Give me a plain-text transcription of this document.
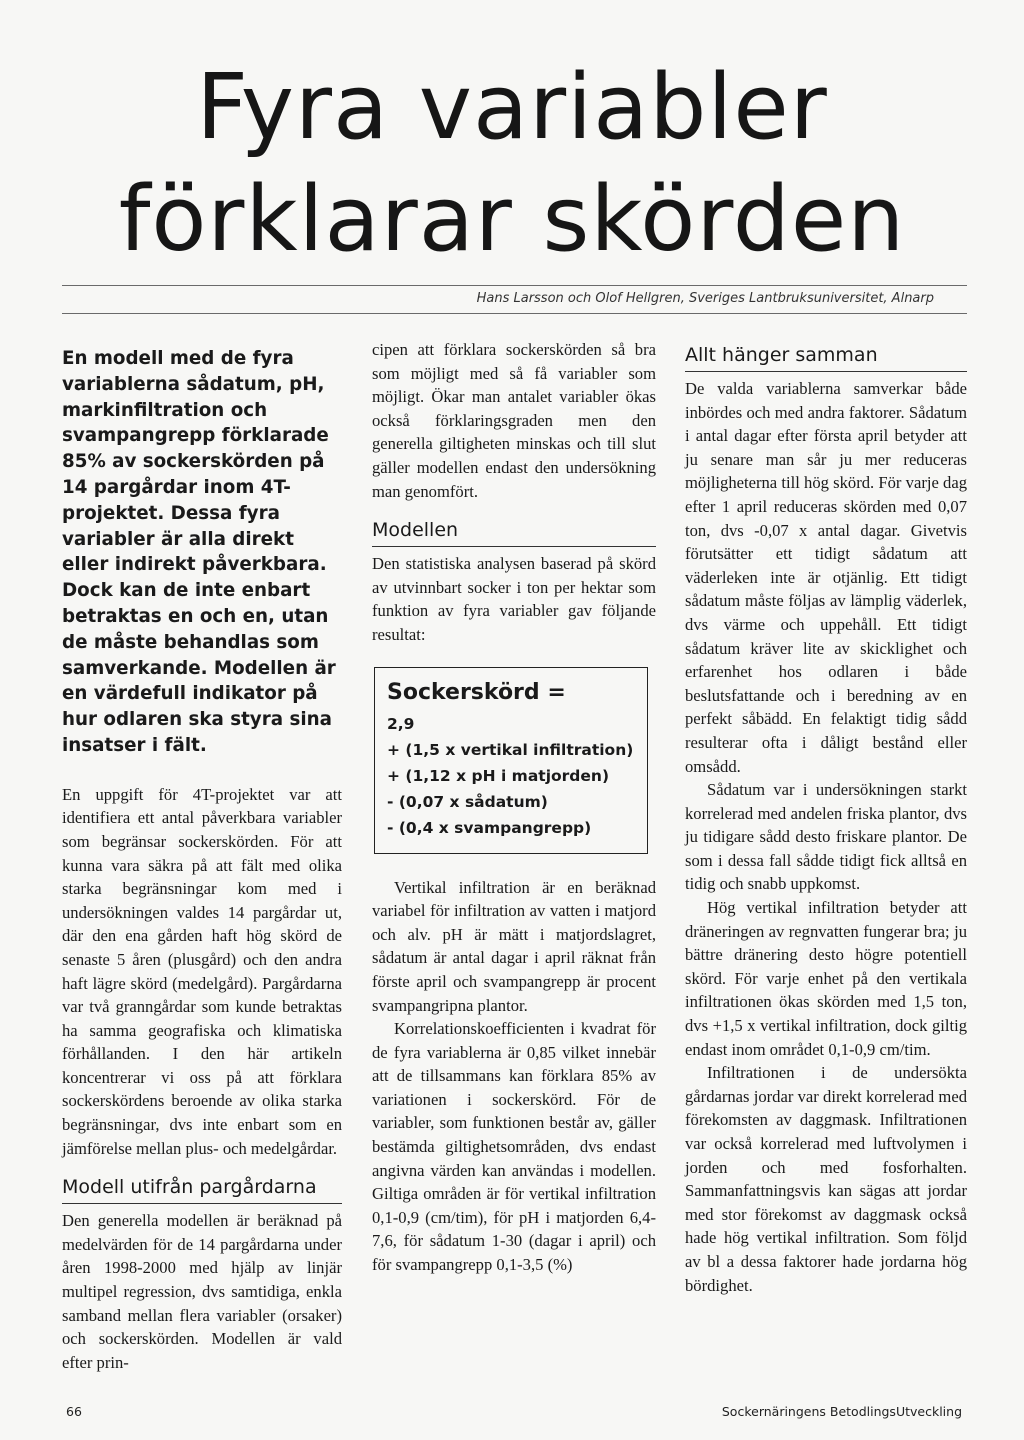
Fyra variabler
förklarar skörden
Hans Larsson och Olof Hellgren, Sveriges Lantbruksuniversitet, Alnarp

En modell med de fyra variablerna sådatum, pH, markinfiltration och svampangrepp förklarade 85% av sockerskörden på 14 pargårdar inom 4T-projektet. Dessa fyra variabler är alla direkt eller indirekt påverkbara. Dock kan de inte enbart betraktas en och en, utan de måste behandlas som samverkande. Modellen är en värdefull indikator på hur odlaren ska styra sina insatser i fält.

En uppgift för 4T-projektet var att identifiera ett antal påverkbara variabler som begränsar sockerskörden. För att kunna vara säkra på att fält med olika starka begränsningar kom med i undersökningen valdes 14 pargårdar ut, där den ena gården haft hög skörd de senaste 5 åren (plusgård) och den andra haft lägre skörd (medelgård). Pargårdarna var två granngårdar som kunde betraktas ha samma geografiska och klimatiska förhållanden. I den här artikeln koncentrerar vi oss på att förklara sockerskördens beroende av olika starka begränsningar, dvs inte enbart som en jämförelse mellan plus- och medelgårdar.

Modell utifrån pargårdarna

Den generella modellen är beräknad på medelvärden för de 14 pargårdarna under åren 1998-2000 med hjälp av linjär multipel regression, dvs samtidiga, enkla samband mellan flera variabler (orsaker) och sockerskörden. Modellen är vald efter prin-

cipen att förklara sockerskörden så bra som möjligt med så få variabler som möjligt. Ökar man antalet variabler ökas också förklaringsgraden men den generella giltigheten minskas och till slut gäller modellen endast den undersökning man genomfört.

Modellen

Den statistiska analysen baserad på skörd av utvinnbart socker i ton per hektar som funktion av fyra variabler gav följande resultat:

Sockerskörd =
2,9
+ (1,5 x vertikal infiltration)
+ (1,12 x pH i matjorden)
- (0,07 x sådatum)
- (0,4 x svampangrepp)

Vertikal infiltration är en beräknad variabel för infiltration av vatten i matjord och alv. pH är mätt i matjordslagret, sådatum är antal dagar i april räknat från förste april och svampangrepp är procent svampangripna plantor.

Korrelationskoefficienten i kvadrat för de fyra variablerna är 0,85 vilket innebär att de tillsammans kan förklara 85% av variationen i sockerskörd. För de variabler, som funktionen består av, gäller bestämda giltighetsområden, dvs endast angivna värden kan användas i modellen. Giltiga områden är för vertikal infiltration 0,1-0,9 (cm/tim), för pH i matjorden 6,4-7,6, för sådatum 1-30 (dagar i april) och för svampangrepp 0,1-3,5 (%)

Allt hänger samman

De valda variablerna samverkar både inbördes och med andra faktorer. Sådatum i antal dagar efter första april betyder att ju senare man sår ju mer reduceras möjligheterna till hög skörd. För varje dag efter 1 april reduceras skörden med 0,07 ton, dvs -0,07 x antal dagar. Givetvis förutsätter ett tidigt sådatum att väderleken inte är otjänlig. Ett tidigt sådatum måste följas av lämplig väderlek, dvs värme och uppehåll. Ett tidigt sådatum kräver lite av skicklighet och erfarenhet hos odlaren i både beslutsfattande och i beredning av en perfekt såbädd. En felaktigt tidig sådd resulterar ofta i dåligt bestånd eller omsådd.

Sådatum var i undersökningen starkt korrelerad med andelen friska plantor, dvs ju tidigare sådd desto friskare plantor. De som i dessa fall sådde tidigt fick alltså en tidig och snabb uppkomst.

Hög vertikal infiltration betyder att dräneringen av regnvatten fungerar bra; ju bättre dränering desto högre potentiell skörd. För varje enhet på den vertikala infiltrationen ökas skörden med 1,5 ton, dvs +1,5 x vertikal infiltration, dock giltig endast inom området 0,1-0,9 cm/tim.

Infiltrationen i de undersökta gårdarnas jordar var direkt korrelerad med förekomsten av daggmask. Infiltrationen var också korrelerad med luftvolymen i jorden och med fosforhalten. Sammanfattningsvis kan sägas att jordar med stor förekomst av daggmask också hade hög vertikal infiltration. Som följd av bl a dessa faktorer hade jordarna hög bördighet.

66	Sockernäringens BetodlingsUtveckling
